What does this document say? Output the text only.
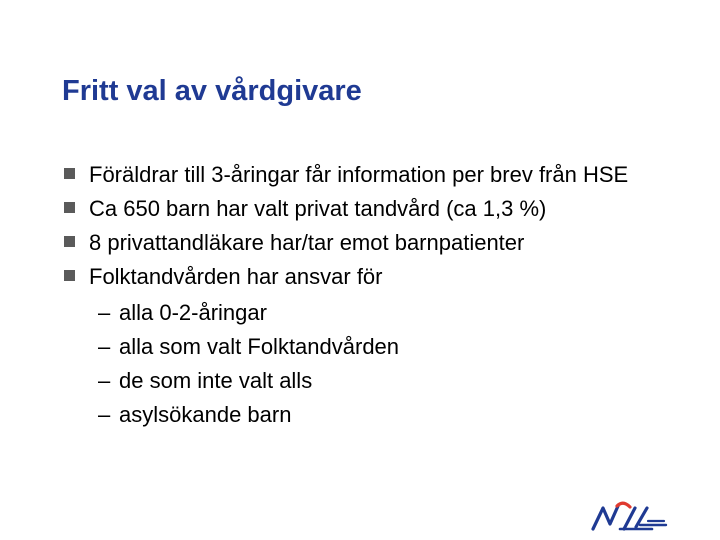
Fritt val av vårdgivare
Föräldrar till 3-åringar får information per brev från HSE
Ca 650 barn har valt privat tandvård (ca 1,3 %)
8 privattandläkare har/tar emot barnpatienter
Folktandvården har ansvar för
– alla 0-2-åringar
– alla som valt Folktandvården
– de som inte valt alls
– asylsökande barn
